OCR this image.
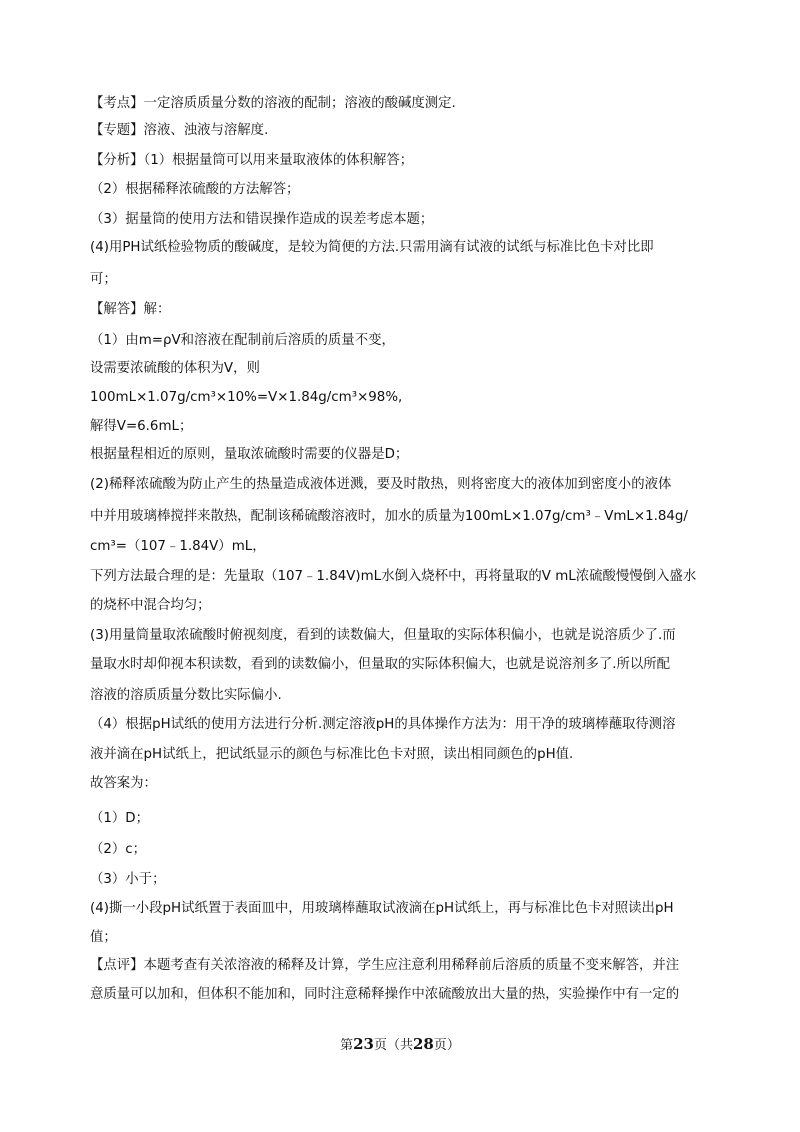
【考点】一定溶质质量分数的溶液的配制；溶液的酸碱度测定.
【专题】溶液、浊液与溶解度.
【分析】（1）根据量筒可以用来量取液体的体积解答；
（2）根据稀释浓硫酸的方法解答；
（3）据量筒的使用方法和错误操作造成的误差考虑本题；
(4)用PH试纸检验物质的酸碱度，是较为简便的方法.只需用滴有试液的试纸与标准比色卡对比即
可；
【解答】解：
（1）由m=ρV和溶液在配制前后溶质的质量不变，
设需要浓硫酸的体积为V，则
100mL×1.07g/cm³×10%=V×1.84g/cm³×98%,
解得V=6.6mL；
根据量程相近的原则，量取浓硫酸时需要的仪器是D；
(2)稀释浓硫酸为防止产生的热量造成液体迸溅，要及时散热，则将密度大的液体加到密度小的液体
中并用玻璃棒搅拌来散热，配制该稀硫酸溶液时，加水的质量为100mL×1.07g/cm³﹣VmL×1.84g/
cm³=（107﹣1.84V）mL，
下列方法最合理的是：先量取（107﹣1.84V)mL水倒入烧杯中，再将量取的V mL浓硫酸慢慢倒入盛水
的烧杯中混合均匀；
(3)用量筒量取浓硫酸时俯视刻度，看到的读数偏大，但量取的实际体积偏小，也就是说溶质少了.而
量取水时却仰视本积读数，看到的读数偏小，但量取的实际体积偏大，也就是说溶剂多了.所以所配
溶液的溶质质量分数比实际偏小.
（4）根据pH试纸的使用方法进行分析.测定溶液pH的具体操作方法为：用干净的玻璃棒蘸取待测溶
液并滴在pH试纸上，把试纸显示的颜色与标准比色卡对照，读出相同颜色的pH值.
故答案为：
（1）D；
（2）c；
（3）小于；
(4)撕一小段pH试纸置于表面皿中，用玻璃棒蘸取试液滴在pH试纸上，再与标准比色卡对照读出pH
值；
【点评】本题考查有关浓溶液的稀释及计算，学生应注意利用稀释前后溶质的质量不变来解答，并注
意质量可以加和，但体积不能加和，同时注意稀释操作中浓硫酸放出大量的热，实验操作中有一定的
第23页（共28页）
